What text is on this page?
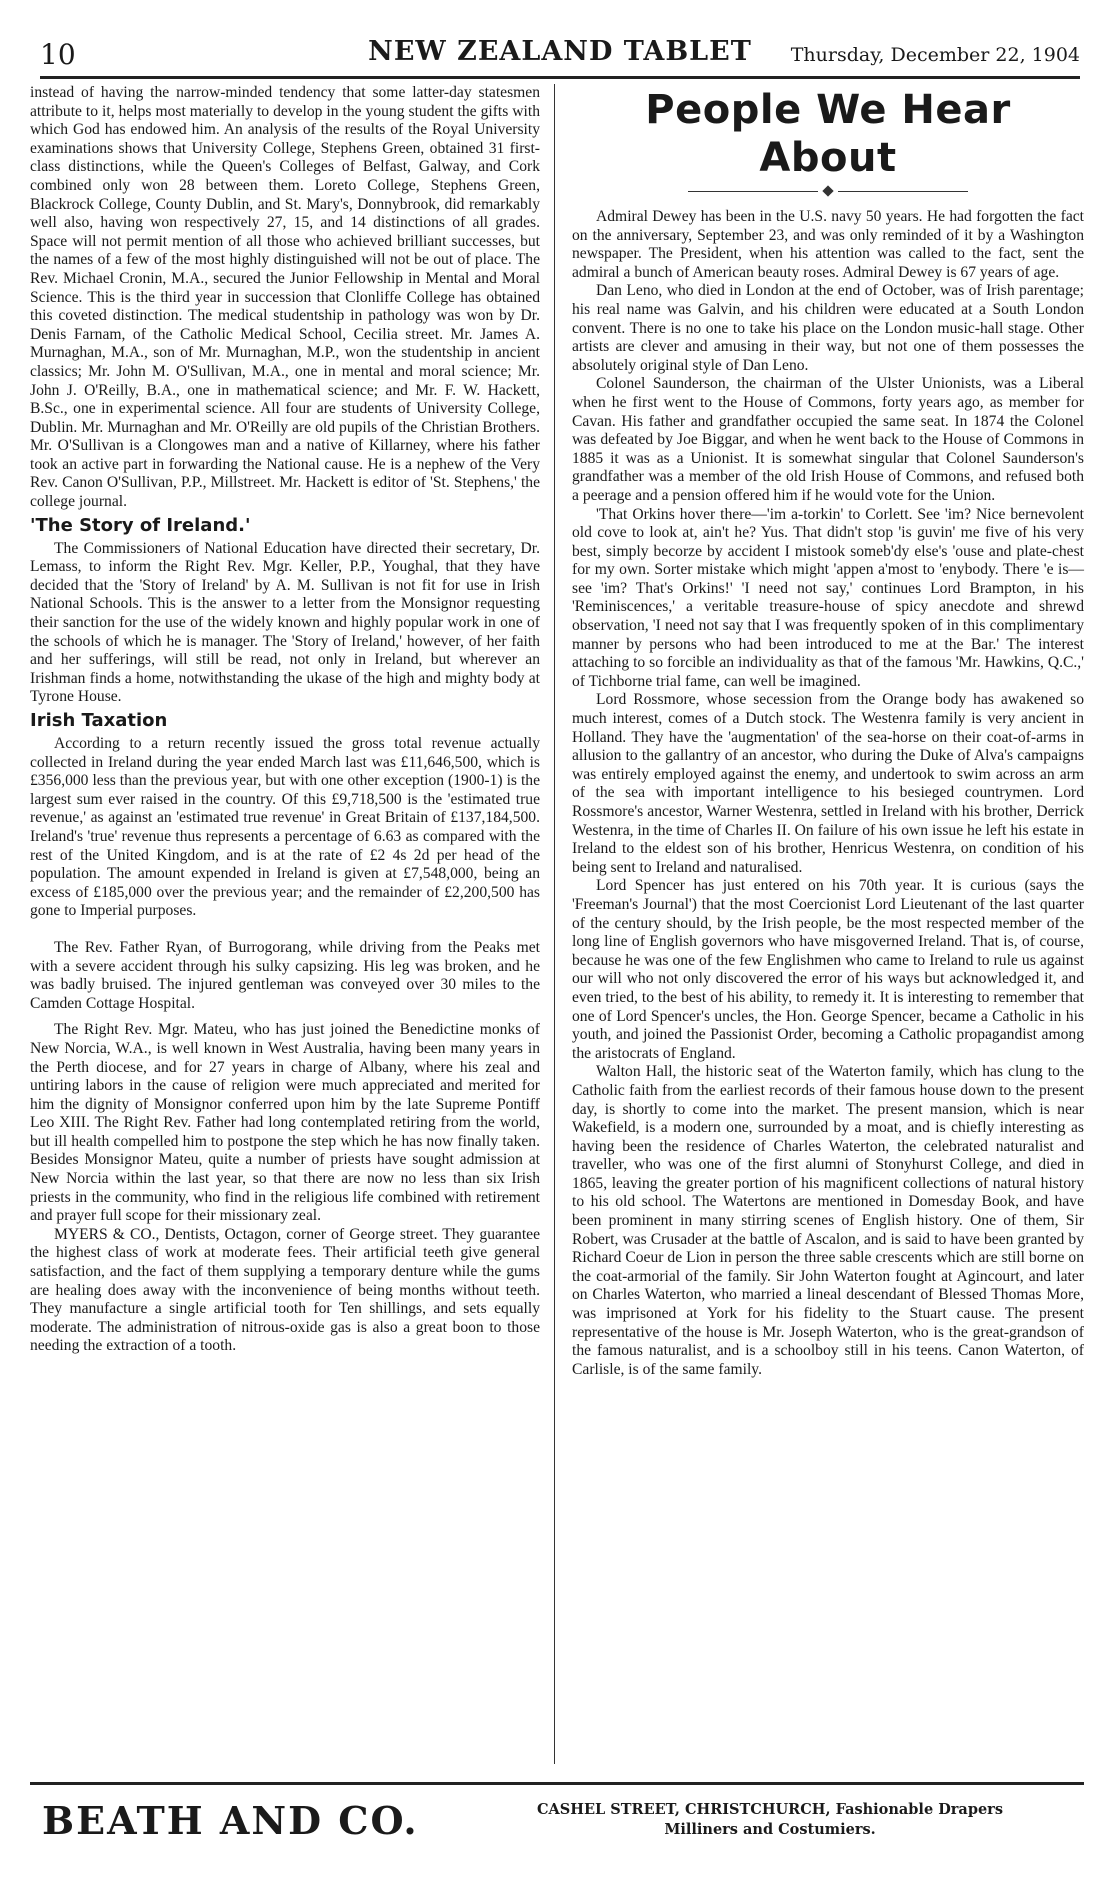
10	NEW ZEALAND TABLET	Thursday, December 22, 1904

instead of having the narrow-minded tendency that some latter-day statesmen attribute to it, helps most materially to develop in the young student the gifts with which God has endowed him. An analysis of the results of the Royal University examinations shows that University College, Stephens Green, obtained 31 first-class distinctions, while the Queen's Colleges of Belfast, Galway, and Cork combined only won 28 between them. Loreto College, Stephens Green, Blackrock College, County Dublin, and St. Mary's, Donnybrook, did remarkably well also, having won respectively 27, 15, and 14 distinctions of all grades. Space will not permit mention of all those who achieved brilliant successes, but the names of a few of the most highly distinguished will not be out of place. The Rev. Michael Cronin, M.A., secured the Junior Fellowship in Mental and Moral Science. This is the third year in succession that Clonliffe College has obtained this coveted distinction. The medical studentship in pathology was won by Dr. Denis Farnam, of the Catholic Medical School, Cecilia street. Mr. James A. Murnaghan, M.A., son of Mr. Murnaghan, M.P., won the studentship in ancient classics; Mr. John M. O'Sullivan, M.A., one in mental and moral science; Mr. John J. O'Reilly, B.A., one in mathematical science; and Mr. F. W. Hackett, B.Sc., one in experimental science. All four are students of University College, Dublin. Mr. Murnaghan and Mr. O'Reilly are old pupils of the Christian Brothers. Mr. O'Sullivan is a Clongowes man and a native of Killarney, where his father took an active part in forwarding the National cause. He is a nephew of the Very Rev. Canon O'Sullivan, P.P., Millstreet. Mr. Hackett is editor of 'St. Stephens,' the college journal.

'The Story of Ireland.'

The Commissioners of National Education have directed their secretary, Dr. Lemass, to inform the Right Rev. Mgr. Keller, P.P., Youghal, that they have decided that the 'Story of Ireland' by A. M. Sullivan is not fit for use in Irish National Schools. This is the answer to a letter from the Monsignor requesting their sanction for the use of the widely known and highly popular work in one of the schools of which he is manager. The 'Story of Ireland,' however, of her faith and her sufferings, will still be read, not only in Ireland, but wherever an Irishman finds a home, notwithstanding the ukase of the high and mighty body at Tyrone House.

Irish Taxation

According to a return recently issued the gross total revenue actually collected in Ireland during the year ended March last was £11,646,500, which is £356,000 less than the previous year, but with one other exception (1900-1) is the largest sum ever raised in the country. Of this £9,718,500 is the 'estimated true revenue,' as against an 'estimated true revenue' in Great Britain of £137,184,500. Ireland's 'true' revenue thus represents a percentage of 6.63 as compared with the rest of the United Kingdom, and is at the rate of £2 4s 2d per head of the population. The amount expended in Ireland is given at £7,548,000, being an excess of £185,000 over the previous year; and the remainder of £2,200,500 has gone to Imperial purposes.

The Rev. Father Ryan, of Burrogorang, while driving from the Peaks met with a severe accident through his sulky capsizing. His leg was broken, and he was badly bruised. The injured gentleman was conveyed over 30 miles to the Camden Cottage Hospital.

The Right Rev. Mgr. Mateu, who has just joined the Benedictine monks of New Norcia, W.A., is well known in West Australia, having been many years in the Perth diocese, and for 27 years in charge of Albany, where his zeal and untiring labors in the cause of religion were much appreciated and merited for him the dignity of Monsignor conferred upon him by the late Supreme Pontiff Leo XIII. The Right Rev. Father had long contemplated retiring from the world, but ill health compelled him to postpone the step which he has now finally taken. Besides Monsignor Mateu, quite a number of priests have sought admission at New Norcia within the last year, so that there are now no less than six Irish priests in the community, who find in the religious life combined with retirement and prayer full scope for their missionary zeal.

MYERS & CO., Dentists, Octagon, corner of George street. They guarantee the highest class of work at moderate fees. Their artificial teeth give general satisfaction, and the fact of them supplying a temporary denture while the gums are healing does away with the inconvenience of being months without teeth. They manufacture a single artificial tooth for Ten shillings, and sets equally moderate. The administration of nitrous-oxide gas is also a great boon to those needing the extraction of a tooth.

People We Hear About

Admiral Dewey has been in the U.S. navy 50 years. He had forgotten the fact on the anniversary, September 23, and was only reminded of it by a Washington newspaper. The President, when his attention was called to the fact, sent the admiral a bunch of American beauty roses. Admiral Dewey is 67 years of age.

Dan Leno, who died in London at the end of October, was of Irish parentage; his real name was Galvin, and his children were educated at a South London convent. There is no one to take his place on the London music-hall stage. Other artists are clever and amusing in their way, but not one of them possesses the absolutely original style of Dan Leno.

Colonel Saunderson, the chairman of the Ulster Unionists, was a Liberal when he first went to the House of Commons, forty years ago, as member for Cavan. His father and grandfather occupied the same seat. In 1874 the Colonel was defeated by Joe Biggar, and when he went back to the House of Commons in 1885 it was as a Unionist. It is somewhat singular that Colonel Saunderson's grandfather was a member of the old Irish House of Commons, and refused both a peerage and a pension offered him if he would vote for the Union.

'That Orkins hover there—'im a-torkin' to Corlett. See 'im? Nice bernevolent old cove to look at, ain't he? Yus. That didn't stop 'is guvin' me five of his very best, simply becorze by accident I mistook someb'dy else's 'ouse and plate-chest for my own. Sorter mistake which might 'appen a'most to 'enybody. There 'e is—see 'im? That's Orkins!' 'I need not say,' continues Lord Brampton, in his 'Reminiscences,' a veritable treasure-house of spicy anecdote and shrewd observation, 'I need not say that I was frequently spoken of in this complimentary manner by persons who had been introduced to me at the Bar.' The interest attaching to so forcible an individuality as that of the famous 'Mr. Hawkins, Q.C.,' of Tichborne trial fame, can well be imagined.

Lord Rossmore, whose secession from the Orange body has awakened so much interest, comes of a Dutch stock. The Westenra family is very ancient in Holland. They have the 'augmentation' of the sea-horse on their coat-of-arms in allusion to the gallantry of an ancestor, who during the Duke of Alva's campaigns was entirely employed against the enemy, and undertook to swim across an arm of the sea with important intelligence to his besieged countrymen. Lord Rossmore's ancestor, Warner Westenra, settled in Ireland with his brother, Derrick Westenra, in the time of Charles II. On failure of his own issue he left his estate in Ireland to the eldest son of his brother, Henricus Westenra, on condition of his being sent to Ireland and naturalised.

Lord Spencer has just entered on his 70th year. It is curious (says the 'Freeman's Journal') that the most Coercionist Lord Lieutenant of the last quarter of the century should, by the Irish people, be the most respected member of the long line of English governors who have misgoverned Ireland. That is, of course, because he was one of the few Englishmen who came to Ireland to rule us against our will who not only discovered the error of his ways but acknowledged it, and even tried, to the best of his ability, to remedy it. It is interesting to remember that one of Lord Spencer's uncles, the Hon. George Spencer, became a Catholic in his youth, and joined the Passionist Order, becoming a Catholic propagandist among the aristocrats of England.

Walton Hall, the historic seat of the Waterton family, which has clung to the Catholic faith from the earliest records of their famous house down to the present day, is shortly to come into the market. The present mansion, which is near Wakefield, is a modern one, surrounded by a moat, and is chiefly interesting as having been the residence of Charles Waterton, the celebrated naturalist and traveller, who was one of the first alumni of Stonyhurst College, and died in 1865, leaving the greater portion of his magnificent collections of natural history to his old school. The Watertons are mentioned in Domesday Book, and have been prominent in many stirring scenes of English history. One of them, Sir Robert, was Crusader at the battle of Ascalon, and is said to have been granted by Richard Coeur de Lion in person the three sable crescents which are still borne on the coat-armorial of the family. Sir John Waterton fought at Agincourt, and later on Charles Waterton, who married a lineal descendant of Blessed Thomas More, was imprisoned at York for his fidelity to the Stuart cause. The present representative of the house is Mr. Joseph Waterton, who is the great-grandson of the famous naturalist, and is a schoolboy still in his teens. Canon Waterton, of Carlisle, is of the same family.

BEATH AND CO.	CASHEL STREET, CHRISTCHURCH, Fashionable Drapers
Milliners and Costumiers.
